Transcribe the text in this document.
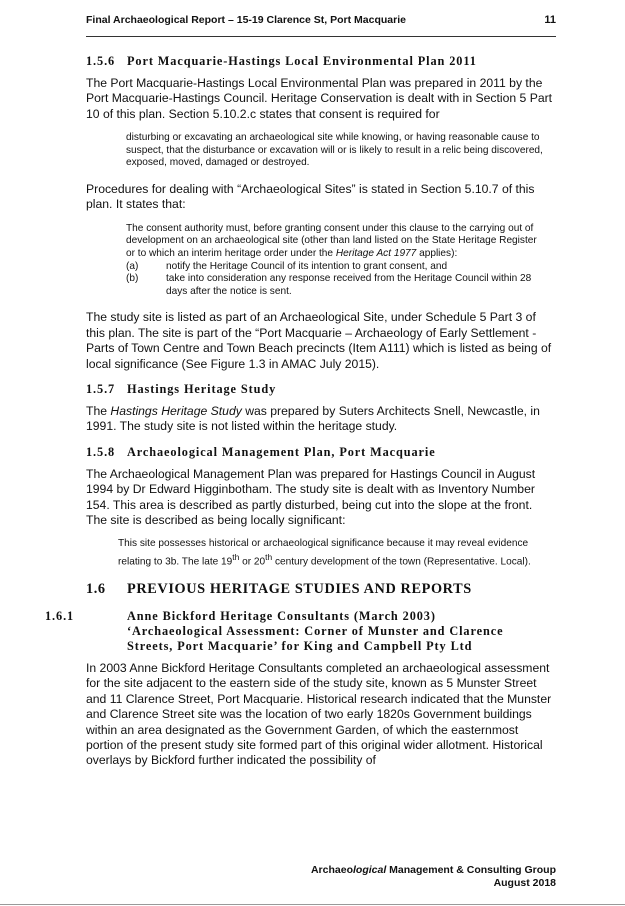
Final Archaeological Report – 15-19 Clarence St, Port Macquarie	11
1.5.6 Port Macquarie-Hastings Local Environmental Plan 2011

The Port Macquarie-Hastings Local Environmental Plan was prepared in 2011 by the Port Macquarie-Hastings Council. Heritage Conservation is dealt with in Section 5 Part 10 of this plan. Section 5.10.2.c states that consent is required for

disturbing or excavating an archaeological site while knowing, or having reasonable cause to suspect, that the disturbance or excavation will or is likely to result in a relic being discovered, exposed, moved, damaged or destroyed.

Procedures for dealing with “Archaeological Sites” is stated in Section 5.10.7 of this plan. It states that:

The consent authority must, before granting consent under this clause to the carrying out of development on an archaeological site (other than land listed on the State Heritage Register or to which an interim heritage order under the Heritage Act 1977 applies):
(a)	notify the Heritage Council of its intention to grant consent, and
(b)	take into consideration any response received from the Heritage Council within 28 days after the notice is sent.

The study site is listed as part of an Archaeological Site, under Schedule 5 Part 3 of this plan. The site is part of the “Port Macquarie – Archaeology of Early Settlement - Parts of Town Centre and Town Beach precincts (Item A111) which is listed as being of local significance (See Figure 1.3 in AMAC July 2015).

1.5.7 Hastings Heritage Study

The Hastings Heritage Study was prepared by Suters Architects Snell, Newcastle, in 1991. The study site is not listed within the heritage study.

1.5.8 Archaeological Management Plan, Port Macquarie

The Archaeological Management Plan was prepared for Hastings Council in August 1994 by Dr Edward Higginbotham. The study site is dealt with as Inventory Number 154. This area is described as partly disturbed, being cut into the slope at the front. The site is described as being locally significant:

This site possesses historical or archaeological significance because it may reveal evidence relating to 3b. The late 19th or 20th century development of the town (Representative. Local).
1.6 PREVIOUS HERITAGE STUDIES AND REPORTS
1.6.1	Anne Bickford Heritage Consultants (March 2003)
‘Archaeological Assessment: Corner of Munster and Clarence
Streets, Port Macquarie’ for King and Campbell Pty Ltd

In 2003 Anne Bickford Heritage Consultants completed an archaeological assessment for the site adjacent to the eastern side of the study site, known as 5 Munster Street and 11 Clarence Street, Port Macquarie. Historical research indicated that the Munster and Clarence Street site was the location of two early 1820s Government buildings within an area designated as the Government Garden, of which the easternmost portion of the present study site formed part of this original wider allotment. Historical overlays by Bickford further indicated the possibility of

Archaeological Management & Consulting Group
August 2018
